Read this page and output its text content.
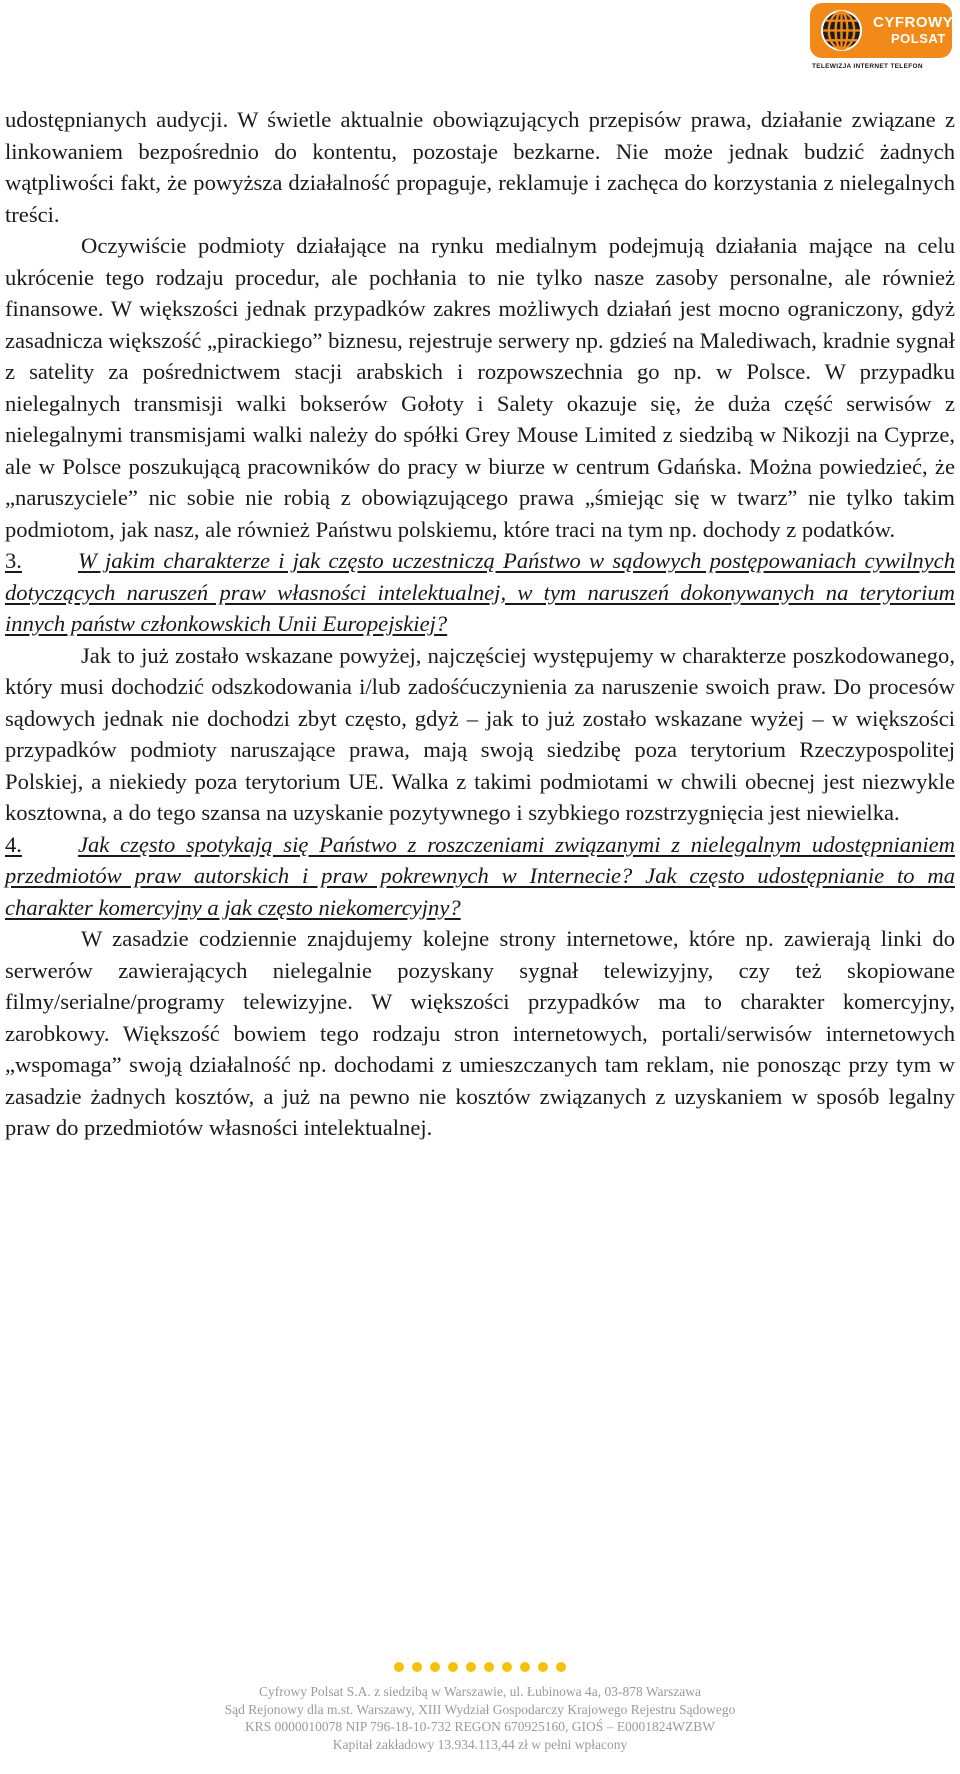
CYFROWY
POLSAT
TELEWIZJA INTERNET TELEFON

udostępnianych audycji. W świetle aktualnie obowiązujących przepisów prawa, działanie związane z linkowaniem bezpośrednio do kontentu, pozostaje bezkarne. Nie może jednak budzić żadnych wątpliwości fakt, że powyższa działalność propaguje, reklamuje i zachęca do korzystania z nielegalnych treści.

Oczywiście podmioty działające na rynku medialnym podejmują działania mające na celu ukrócenie tego rodzaju procedur, ale pochłania to nie tylko nasze zasoby personalne, ale również finansowe. W większości jednak przypadków zakres możliwych działań jest mocno ograniczony, gdyż zasadnicza większość „pirackiego” biznesu, rejestruje serwery np. gdzieś na Malediwach, kradnie sygnał z satelity za pośrednictwem stacji arabskich i rozpowszechnia go np. w Polsce. W przypadku nielegalnych transmisji walki bokserów Gołoty i Salety okazuje się, że duża część serwisów z nielegalnymi transmisjami walki należy do spółki Grey Mouse Limited z siedzibą w Nikozji na Cyprze, ale w Polsce poszukującą pracowników do pracy w biurze w centrum Gdańska. Można powiedzieć, że „naruszyciele” nic sobie nie robią z obowiązującego prawa „śmiejąc się w twarz” nie tylko takim podmiotom, jak nasz, ale również Państwu polskiemu, które traci na tym np. dochody z podatków.

3. W jakim charakterze i jak często uczestniczą Państwo w sądowych postępowaniach cywilnych dotyczących naruszeń praw własności intelektualnej, w tym naruszeń dokonywanych na terytorium innych państw członkowskich Unii Europejskiej?

Jak to już zostało wskazane powyżej, najczęściej występujemy w charakterze poszkodowanego, który musi dochodzić odszkodowania i/lub zadośćuczynienia za naruszenie swoich praw. Do procesów sądowych jednak nie dochodzi zbyt często, gdyż – jak to już zostało wskazane wyżej – w większości przypadków podmioty naruszające prawa, mają swoją siedzibę poza terytorium Rzeczypospolitej Polskiej, a niekiedy poza terytorium UE. Walka z takimi podmiotami w chwili obecnej jest niezwykle kosztowna, a do tego szansa na uzyskanie pozytywnego i szybkiego rozstrzygnięcia jest niewielka.

4. Jak często spotykają się Państwo z roszczeniami związanymi z nielegalnym udostępnianiem przedmiotów praw autorskich i praw pokrewnych w Internecie? Jak często udostępnianie to ma charakter komercyjny a jak często niekomercyjny?

W zasadzie codziennie znajdujemy kolejne strony internetowe, które np. zawierają linki do serwerów zawierających nielegalnie pozyskany sygnał telewizyjny, czy też skopiowane filmy/serialne/programy telewizyjne. W większości przypadków ma to charakter komercyjny, zarobkowy. Większość bowiem tego rodzaju stron internetowych, portali/serwisów internetowych „wspomaga” swoją działalność np. dochodami z umieszczanych tam reklam, nie ponosząc przy tym w zasadzie żadnych kosztów, a już na pewno nie kosztów związanych z uzyskaniem w sposób legalny praw do przedmiotów własności intelektualnej.

Cyfrowy Polsat S.A. z siedzibą w Warszawie, ul. Łubinowa 4a, 03-878 Warszawa
Sąd Rejonowy dla m.st. Warszawy, XIII Wydział Gospodarczy Krajowego Rejestru Sądowego
KRS 0000010078 NIP 796-18-10-732 REGON 670925160, GIOŚ – E0001824WZBW
Kapitał zakładowy 13.934.113,44 zł w pełni wpłacony
